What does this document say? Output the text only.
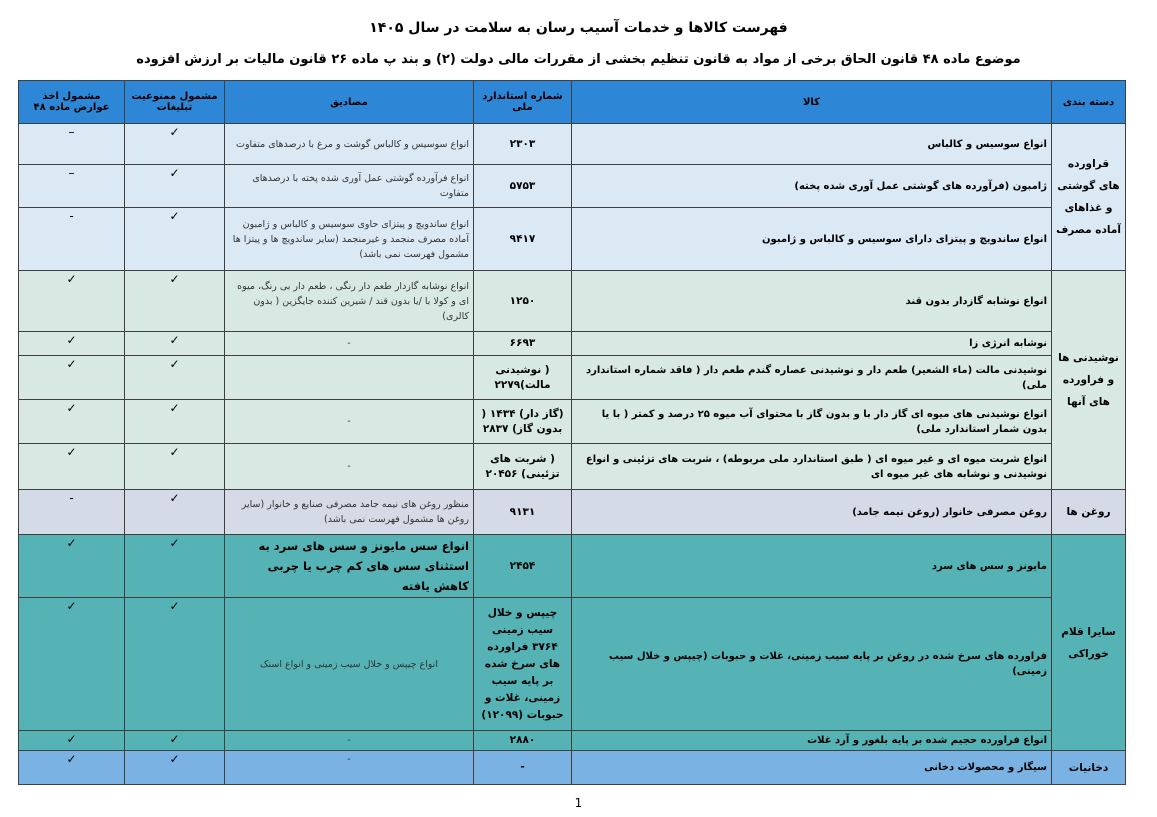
فهرست کالاها و خدمات آسیب رسان به سلامت در سال ۱۴۰۵
موضوع ماده ۴۸ قانون الحاق برخی از مواد به قانون تنظیم بخشی از مقررات مالی دولت (۲) و بند پ ماده ۲۶ قانون مالیات بر ارزش افزوده
دسته بندی	کالا	شماره استاندارد ملی	مصادیق	مشمول ممنوعیت تبلیغات	مشمول اخذ عوارض ماده ۴۸
قراورده های گوشتی و غذاهای آماده مصرف	انواع سوسیس و کالباس	۲۳۰۳	انواع سوسیس و کالباس گوشت و مرغ با درصدهای متفاوت	✓	–
	ژامبون (فرآورده های گوشتی عمل آوری شده پخته)	۵۷۵۳	انواع فرآورده گوشتی عمل آوری شده پخته با درصدهای متفاوت	✓	–
	انواع ساندویچ و پیتزای دارای سوسیس و کالباس و ژامبون	۹۴۱۷	انواع ساندویچ و پیتزای حاوی سوسیس و کالباس و ژامبون آماده مصرف منجمد و غیرمنجمد (سایر ساندویچ ها و پیتزا ها مشمول فهرست نمی باشد)	✓	-
نوشیدنی ها و فراورده های آنها	انواع نوشابه گازدار بدون قند	۱۲۵۰	انواع نوشابه گازدار طعم دار رنگی ، طعم دار بی رنگ، میوه ای و کولا با /یا بدون قند / شیرین کننده جایگزین ( بدون کالری)	✓	✓
	نوشابه انرژی زا	۶۶۹۳	-	✓	✓
	نوشیدنی مالت (ماء الشعیر) طعم دار و نوشیدنی عصاره گندم طعم دار ( فاقد شماره استاندارد ملی)	( نوشیدنی مالت)۲۲۷۹		✓	✓
	انواع نوشیدنی های میوه ای گاز دار با و بدون گاز با محتوای آب میوه ۲۵ درصد و کمتر ( با یا بدون شمار استاندارد ملی)	(گاز دار) ۱۴۳۴ ( بدون گاز) ۲۸۳۷	-	✓	✓
	انواع شربت میوه ای و غیر میوه ای ( طبق استاندارد ملی مربوطه) ، شربت های تزئینی و انواع نوشیدنی و نوشابه های غیر میوه ای	( شربت های تزئینی) ۲۰۴۵۶	-	✓	✓
روغن ها	روغن مصرفی خانوار (روغن نیمه جامد)	۹۱۳۱	منظور روغن های نیمه جامد مصرفی صنایع و خانوار (سایر روغن ها مشمول فهرست نمی باشد)	✓	-
سایرا قلام خوراکی	مایونز و سس های سرد	۲۴۵۴	انواع سس مایونز و سس های سرد به استثنای سس های کم چرب یا چربی کاهش یافته	✓	✓
	فراورده های سرخ شده در روغن بر پایه سیب زمینی، غلات و حبوبات (چیپس و خلال سیب زمینی)	چیپس و خلال سیب زمینی ۳۷۶۴ فراورده های سرخ شده بر پایه سیب زمینی، غلات و حبوبات (۱۲۰۹۹)	انواع چیپس و خلال سیب زمینی و انواع اسنک	✓	✓
	انواع فراورده حجیم شده بر پایه بلغور و آرد غلات	۲۸۸۰	-	✓	✓
دخانیات	سیگار و محصولات دخانی	-	-	✓	✓
1
